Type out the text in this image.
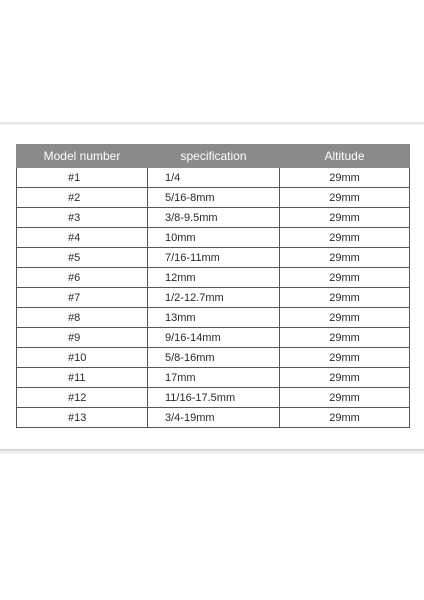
Model number	specification	Altitude
#1	1/4	29mm
#2	5/16-8mm	29mm
#3	3/8-9.5mm	29mm
#4	10mm	29mm
#5	7/16-11mm	29mm
#6	12mm	29mm
#7	1/2-12.7mm	29mm
#8	13mm	29mm
#9	9/16-14mm	29mm
#10	5/8-16mm	29mm
#11	17mm	29mm
#12	11/16-17.5mm	29mm
#13	3/4-19mm	29mm
